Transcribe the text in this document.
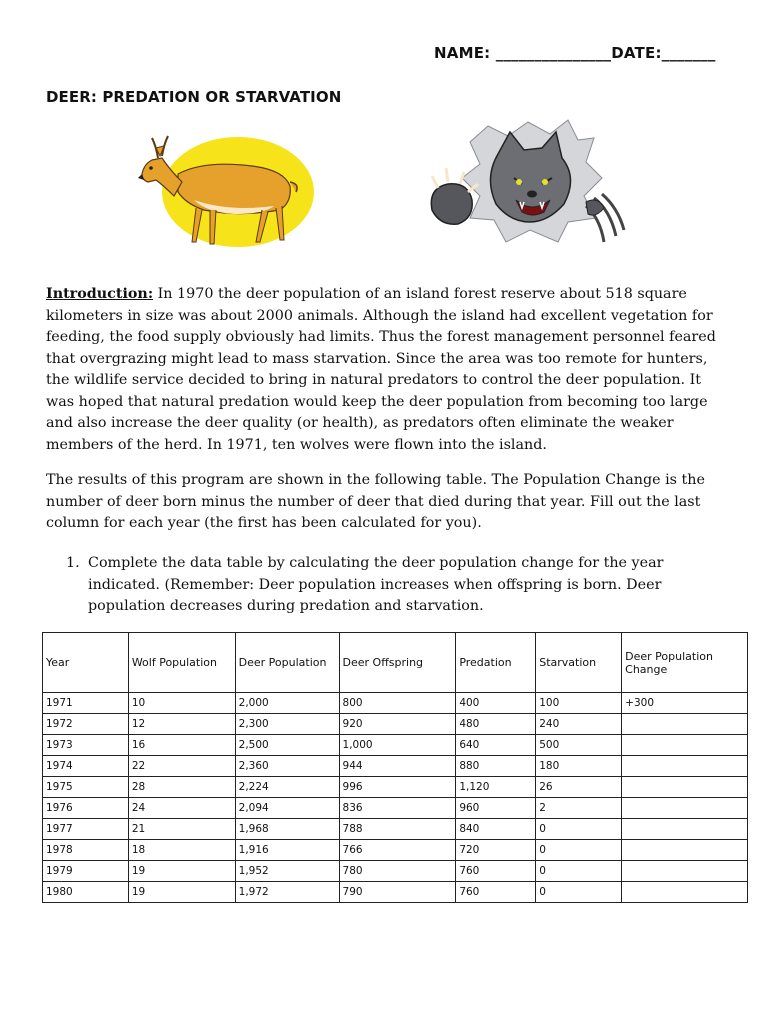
NAME: _______________DATE:_______
DEER: PREDATION OR STARVATION

Introduction: In 1970 the deer population of an island forest reserve about 518 square kilometers in size was about 2000 animals. Although the island had excellent vegetation for feeding, the food supply obviously had limits. Thus the forest management personnel feared that overgrazing might lead to mass starvation. Since the area was too remote for hunters, the wildlife service decided to bring in natural predators to control the deer population. It was hoped that natural predation would keep the deer population from becoming too large and also increase the deer quality (or health), as predators often eliminate the weaker members of the herd. In 1971, ten wolves were flown into the island.

The results of this program are shown in the following table. The Population Change is the number of deer born minus the number of deer that died during that year. Fill out the last column for each year (the first has been calculated for you).

1. Complete the data table by calculating the deer population change for the year indicated. (Remember: Deer population increases when offspring is born. Deer population decreases during predation and starvation.
Year	Wolf Population	Deer Population	Deer Offspring	Predation	Starvation	Deer Population Change
1971	10	2,000	800	400	100	+300
1972	12	2,300	920	480	240	
1973	16	2,500	1,000	640	500	
1974	22	2,360	944	880	180	
1975	28	2,224	996	1,120	26	
1976	24	2,094	836	960	2	
1977	21	1,968	788	840	0	
1978	18	1,916	766	720	0	
1979	19	1,952	780	760	0	
1980	19	1,972	790	760	0	
